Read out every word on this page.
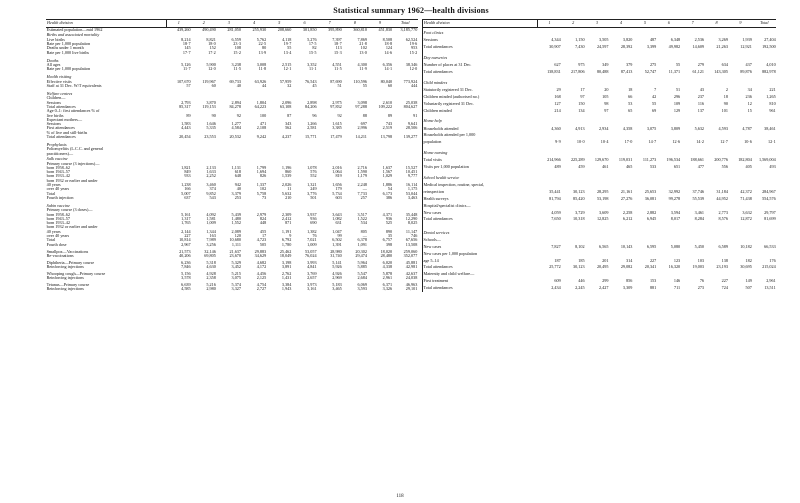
Statistical summary 1962—health divisions
Health division	1	2	3	4	5	6	7	8	9	Total
Estimated population—mid 1962	439,260	490,490	281,050	255,930	208,660	301,850	395,890	360,810	451,830	3,185,770
Births and associated mortality										
Live births	8,214	8,821	6,559	5,762	4,118	5,276	7,397	7,869	8,508	62,524
Rate per 1,000 population	18·7	18·0	23·3	22·5	19·7	17·5	18·7	21·8	18·8	19·6
Deaths under 1 month	145	152	108	80	55	82	113	102	124	953
Rate per 1,000 live births	17·7	17·2	15·2	13·9	13·4	15·5	15·3	13·0	14·6	15·2

Deaths										
All ages	5,126	5,900	3,238	3,008	2,515	3,352	4,551	4,300	6,356	38,346
Rate per 1,000 population	11·7	12·0	11·5	11·8	12·1	11·1	11·5	11·9	14·1	12·0

Health visiting										
Effective visits	107,670	119,967	69,733	63,926	57,959	76,543	87,690	110,596	80,040	773,924
Staff at 31 Dec. W/T equivalents	57	60	40	44	32	45	51	55	60	444

Welfare centres										
Children—										
Sessions	2,793	3,870	2,894	1,804	2,096	2,898	2,975	3,098	2,610	25,038
Total attendances	85,317	119,153	84,278	64,223	63,108	84,206	97,832	97,288	109,222	804,627
Age 0–1: first attendances % of										
live births	89	90	92	100	87	96	92	88	89	91
Expectant mothers—										
Sessions	1,583	1,646	1,277	471	343	1,266	1,615	697	743	9,641
First attendances	4,443	5,335	4,584	2,108	562	2,581	3,385	2,996	2,519	28,506
% of live and still-births										
Total attendances	20,454	23,553	20,532	9,242	4,237	15,771	17,479	14,211	13,798	139,277

Prophylaxis										
Poliomyelitis (L.C.C. and general										
practitioners)—										
Salk vaccine										
Primary course (3 injections)—										
born 1958–62	1,821	2,133	1,131	1,799	1,196	1,078	2,016	2,716	1,637	15,527
born 1943–57	849	1,633	618	1,694	860	576	1,064	1,590	1,567	10,451
born 1933–42	933	2,252	648	826	1,539	552	819	1,179	1,029	9,777
born 1932 or earlier and under										
40 years	1,238	3,460	942	1,337	2,026	1,321	1,656	2,248	1,886	16,114
over 40 years	166	374	40	102	11	249	179	—	54	1,175
Total	5,007	9,852	3,379	5,758	5,632	3,776	5,734	7,733	6,173	53,044
Fourth injection	637	543	253	73	210	501	603	257	386	3,463

Sabin vaccine										
Primary course (3 doses)—										
born 1958–62	5,161	4,092	5,439	2,979	2,309	3,937	3,643	3,517	4,371	35,448
born 1943–57	1,317	1,581	1,480	824	2,412	936	1,082	1,522	936	12,290
born 1933–42	1,765	1,009	1,552	448	871	690	631	534	525	8,025
born 1932 or earlier and under										
40 years	2,144	1,344	2,089	455	1,191	1,382	1,047	805	890	11,147
over 40 years	227	163	120	17	9	76	99	—	35	746
Total	10,814	7,989	10,680	4,723	6,792	7,021	6,502	6,378	6,757	67,656
Fourth dose	2,967	3,256	1,111	505	1,780	1,009	1,391	1,091	398	13,508

Smallpox—Vaccinations	21,573	32,146	21,637	29,883	25,462	53,057	28,980	20,302	18,020	259,060
Re-vaccinations	40,206	69,805	23,670	34,629	18,049	76,024	31,740	29,474	28,480	352,077

Diphtheria—Primary course	6,236	5,318	5,329	4,682	3,198	3,993	5,141	5,964	6,020	45,881
Reinforcing injections	7,846	4,630	3,452	4,172	3,891	4,841	5,926	5,885	4,338	42,981

Whooping cough—Primary course	5,156	4,928	5,215	4,456	2,762	3,769	4,926	5,547	5,878	42,637
Reinforcing injections	3,578	2,358	3,075	2,125	1,431	2,657	2,969	2,684	2,961	24,038

Tetanus—Primary course	6,639	5,216	5,374	4,754	3,384	3,973	5,183	6,069	6,371	46,963
Reinforcing injections	4,585	2,980	3,327	2,727	1,943	3,161	3,465	3,593	3,326	29,101
Health division	1	2	3	4	5	6	7	8	9	Total
Foot clinics										
Sessions	4,344	1,150	3,505	3,820	487	6,348	2,536	3,269	1,939	27,404
Total attendances	30,907	7,430	24,597	28,392	3,399	49,982	14,609	21,263	12,921	192,500

Day nurseries										
Number of places at 31 Dec.	627	975	349	379	275	55	279	634	437	4,010
Total attendances	138,831	217,806	80,488	87,413	52,747	11,371	61,121	143,305	89,876	882,978

Child minders										
Statutorily registered 31 Dec.	29	17	20	18	7	51	43	2	34	221
Children minded (authorised no.)	168	97	105	66	42	296	237	18	236	1,265
Voluntarily registered 31 Dec.	127	150	98	53	55	109	116	90	12	810
Children minded	214	134	97	65	69	129	137	101	15	961

Home help										
Households attended	4,360	4,913	2,934	4,358	3,075	3,809	5,632	4,593	4,787	38,461
Households attended per 1,000										
population	9·9	10·0	10·4	17·0	14·7	12·6	14·2	12·7	10·6	12·1

Home nursing										
Total visits	214,966	225,289	129,670	119,031	111,273	196,534	188,661	200,776	182,804	1,569,004
Visits per 1,000 population	489	459	461	465	533	651	477	556	405	493

School health service										
Medical inspection, routine, special,										
reinspection	35,441	30,123	28,295	21,161	25,653	32,992	37,746	31,184	42,372	284,967
Health surveys	81,794	85,420	53,198	27,276	36,081	99,278	55,539	44,952	71,438	554,576
Hospital/specialist clinics—										
New cases	4,059	3,729	3,609	2,258	2,882	3,594	3,461	2,773	3,632	29,797
Total attendances	7,650	10,318	12,825	6,212	6,945	8,017	8,284	8,576	12,872	81,699

Dental services										
Schools—										
New cases	7,827	8,102	6,565	10,143	6,595	5,080	5,450	6,589	10,182	66,533
New cases per 1,000 population										
age 5–14	187	185	201	314	227	123	103	138	182	176
Total attendances	25,772	30,123	20,495	29,082	20,341	16,320	19,003	23,193	30,695	215,024
Maternity and child welfare—										
First treatment	609	446	299	856	153	146	76	227	149	2,961
Total attendances	2,434	2,245	2,427	3,309	881	711	273	724	507	13,511
118
